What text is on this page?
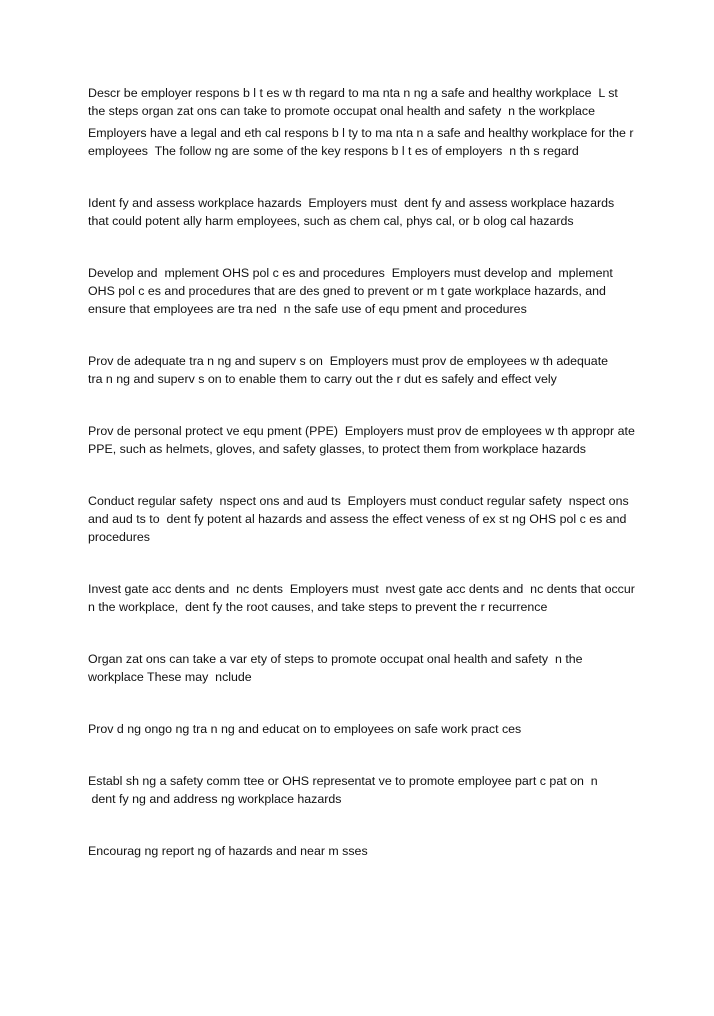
Descr be employer respons b l t es w th regard to ma nta n ng a safe and healthy workplace  L st the steps organ zat ons can take to promote occupat onal health and safety  n the workplace

Employers have a legal and eth cal respons b l ty to ma nta n a safe and healthy workplace for the r employees  The follow ng are some of the key respons b l t es of employers  n th s regard

Ident fy and assess workplace hazards  Employers must  dent fy and assess workplace hazards that could potent ally harm employees, such as chem cal, phys cal, or b olog cal hazards

Develop and  mplement OHS pol c es and procedures  Employers must develop and  mplement OHS pol c es and procedures that are des gned to prevent or m t gate workplace hazards, and ensure that employees are tra ned  n the safe use of equ pment and procedures

Prov de adequate tra n ng and superv s on  Employers must prov de employees w th adequate
tra n ng and superv s on to enable them to carry out the r dut es safely and effect vely

Prov de personal protect ve equ pment (PPE)  Employers must prov de employees w th appropr ate PPE, such as helmets, gloves, and safety glasses, to protect them from workplace hazards

Conduct regular safety  nspect ons and aud ts  Employers must conduct regular safety  nspect ons and aud ts to  dent fy potent al hazards and assess the effect veness of ex st ng OHS pol c es and procedures

Invest gate acc dents and  nc dents  Employers must  nvest gate acc dents and  nc dents that occur  n the workplace,  dent fy the root causes, and take steps to prevent the r recurrence

Organ zat ons can take a var ety of steps to promote occupat onal health and safety  n the workplace These may  nclude

Prov d ng ongo ng tra n ng and educat on to employees on safe work pract ces

Establ sh ng a safety comm ttee or OHS representat ve to promote employee part c pat on  n
dent fy ng and address ng workplace hazards

Encourag ng report ng of hazards and near m sses
